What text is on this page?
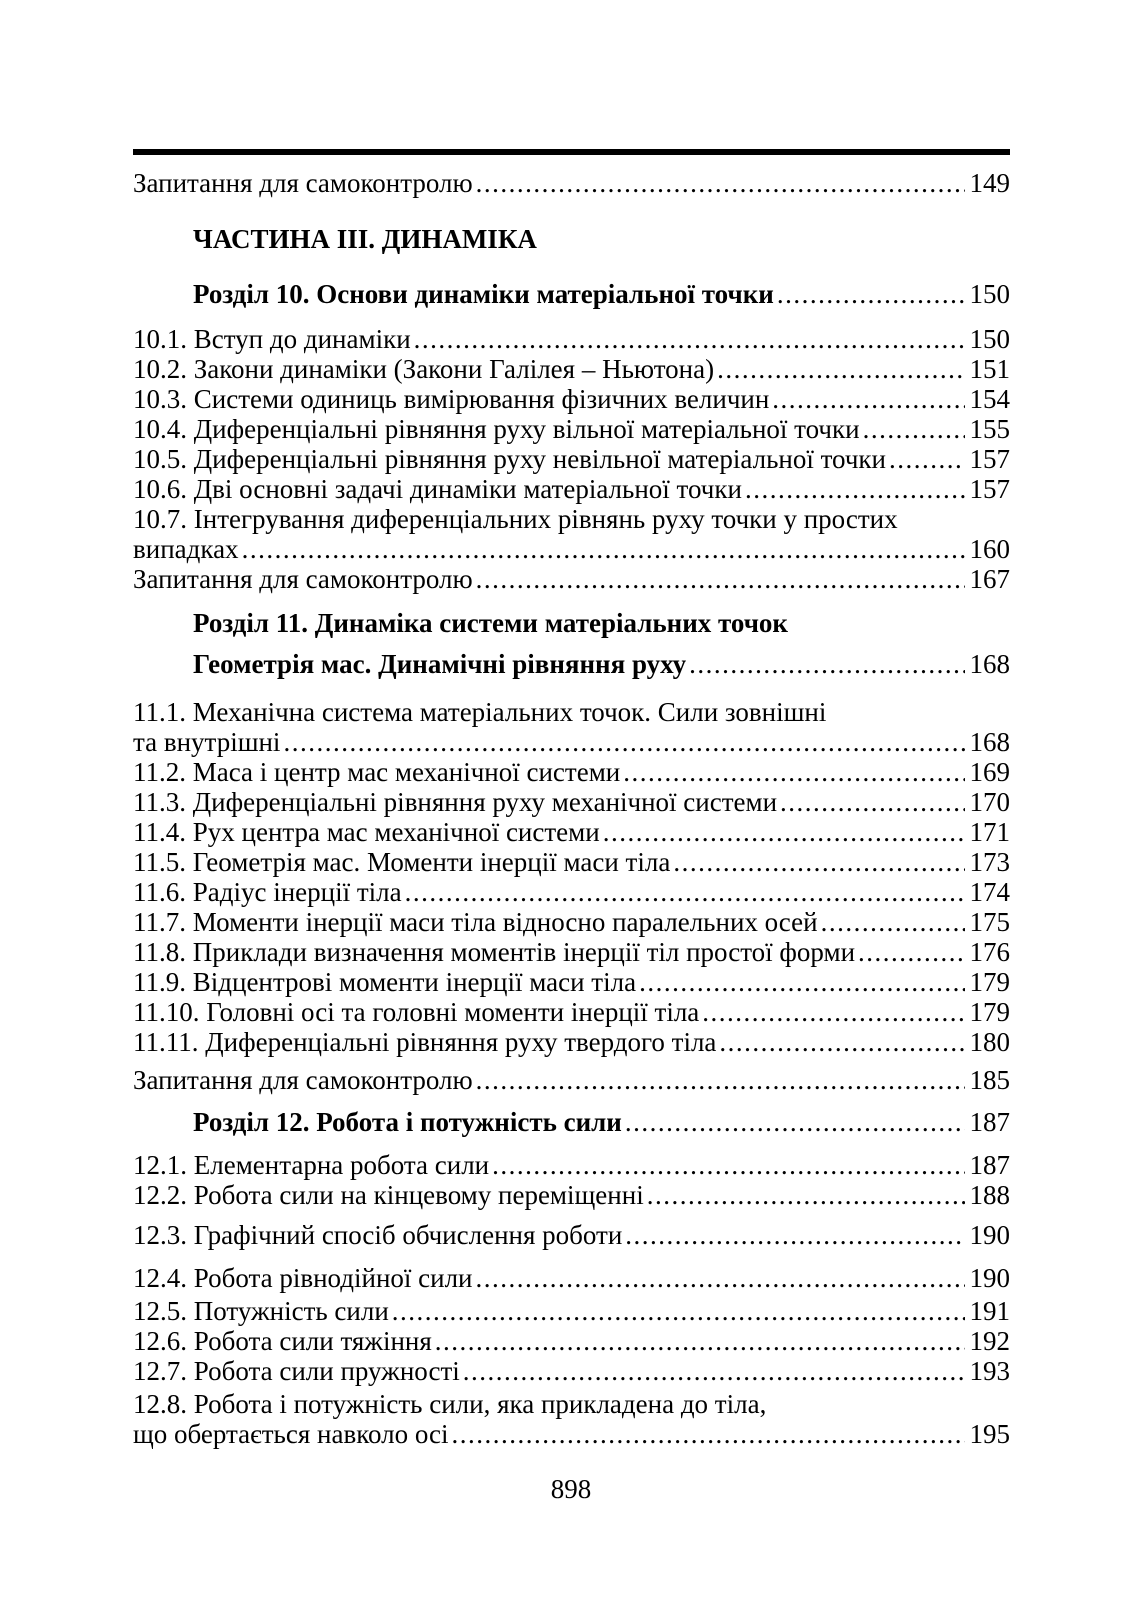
Запитання для самоконтролю .....	149
ЧАСТИНА ІІІ. ДИНАМІКА
Розділ 10. Основи динаміки матеріальної точки .....	150
10.1. Вступ до динаміки .....	150
10.2. Закони динаміки (Закони Галілея – Ньютона) .....	151
10.3. Системи одиниць вимірювання фізичних величин .....	154
10.4. Диференціальні рівняння руху вільної матеріальної точки .....	155
10.5. Диференціальні рівняння руху невільної матеріальної точки .....	157
10.6. Дві основні задачі динаміки матеріальної точки .....	157
10.7. Інтегрування диференціальних рівнянь руху точки у простих
випадках .....	160
Запитання для самоконтролю .....	167
Розділ 11. Динаміка системи матеріальних точок
Геометрія мас. Динамічні рівняння руху .....	168
11.1. Механічна система матеріальних точок. Сили зовнішні
та внутрішні .....	168
11.2. Маса і центр мас механічної системи .....	169
11.3. Диференціальні рівняння руху механічної системи .....	170
11.4. Рух центра мас механічної системи .....	171
11.5. Геометрія мас. Моменти інерції маси тіла .....	173
11.6. Радіус інерції тіла .....	174
11.7. Моменти інерції маси тіла відносно паралельних осей .....	175
11.8. Приклади визначення моментів інерції тіл простої форми .....	176
11.9. Відцентрові моменти інерції маси тіла .....	179
11.10. Головні осі та головні моменти інерції тіла .....	179
11.11. Диференціальні рівняння руху твердого тіла .....	180
Запитання для самоконтролю .....	185
Розділ 12. Робота і потужність сили .....	187
12.1. Елементарна робота сили .....	187
12.2. Робота сили на кінцевому переміщенні .....	188
12.3. Графічний спосіб обчислення роботи .....	190
12.4. Робота рівнодійної сили .....	190
12.5. Потужність сили .....	191
12.6. Робота сили тяжіння .....	192
12.7. Робота сили пружності .....	193
12.8. Робота і потужність сили, яка прикладена до тіла,
що обертається навколо осі .....	195
898
